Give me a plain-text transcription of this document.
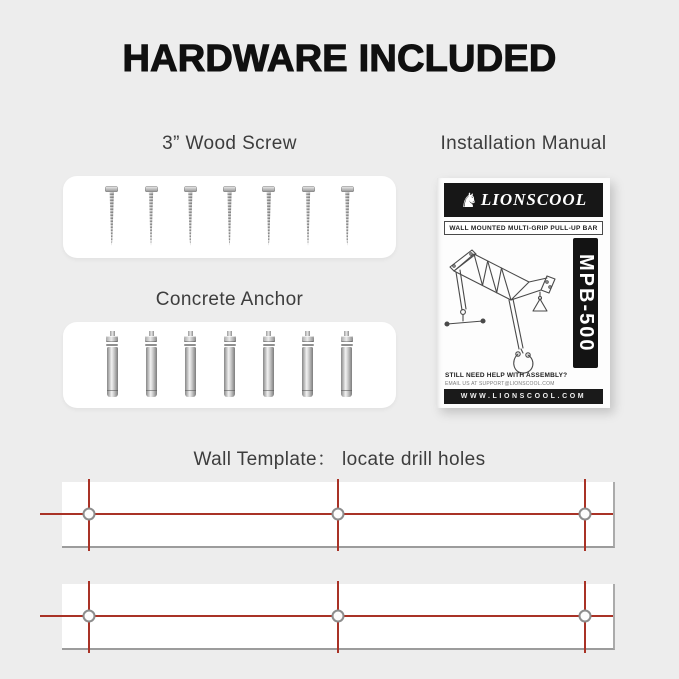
HARDWARE INCLUDED
3” Wood Screw	Installation Manual
♞ LIONSCOOL
WALL MOUNTED MULTI-GRIP PULL-UP BAR
MPB-500
STILL NEED HELP WITH ASSEMBLY?
EMAIL US AT SUPPORT@LIONSCOOL.COM
WWW.LIONSCOOL.COM
Concrete Anchor
Wall Template： locate drill holes
